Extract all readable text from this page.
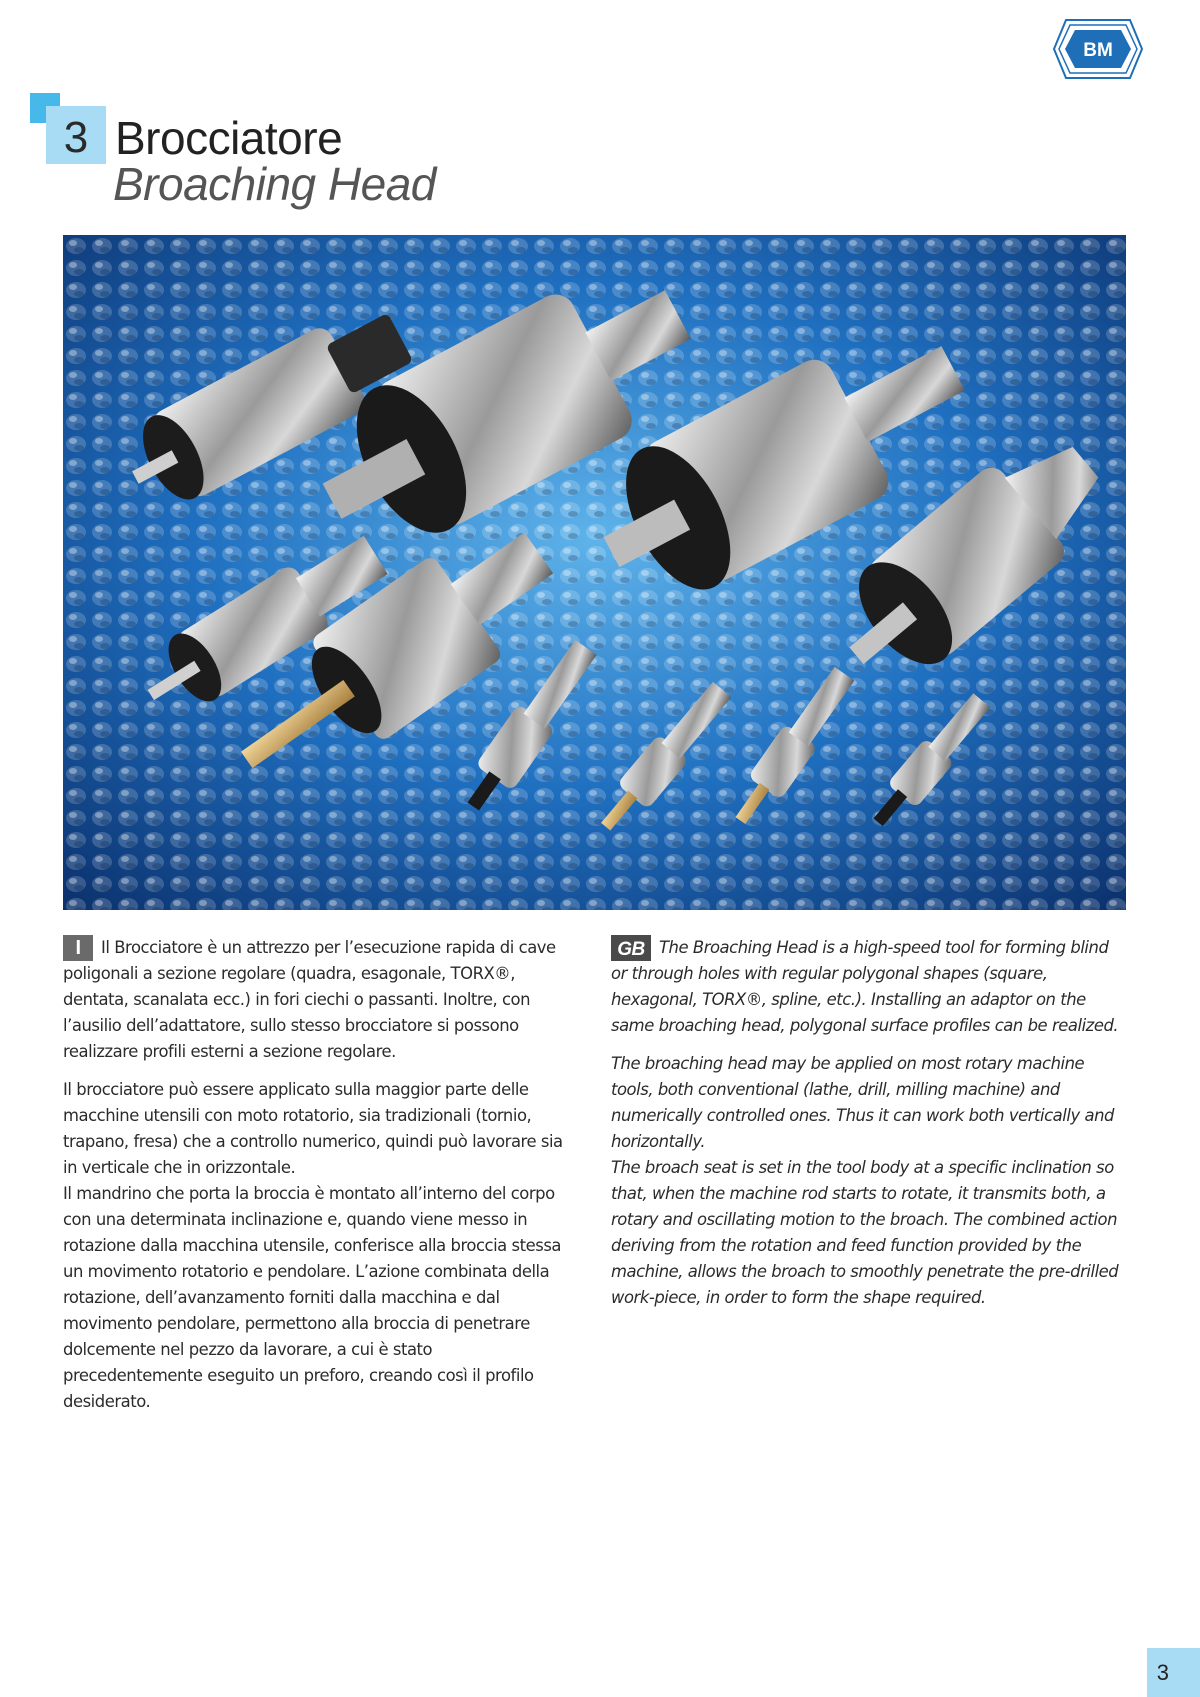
BM
3 Brocciatore
Broaching Head

I Il Brocciatore è un attrezzo per l’esecuzione rapida di cave poligonali a sezione regolare (quadra, esagonale, TORX®, dentata, scanalata ecc.) in fori ciechi o passanti. Inoltre, con l’ausilio dell’adattatore, sullo stesso brocciatore si possono realizzare profili esterni a sezione regolare.

Il brocciatore può essere applicato sulla maggior parte delle macchine utensili con moto rotatorio, sia tradizionali (tornio, trapano, fresa) che a controllo numerico, quindi può lavorare sia in verticale che in orizzontale.

Il mandrino che porta la broccia è montato all’interno del corpo con una determinata inclinazione e, quando viene messo in rotazione dalla macchina utensile, conferisce alla broccia stessa un movimento rotatorio e pendolare. L’azione combinata della rotazione, dell’avanzamento forniti dalla macchina e dal movimento pendolare, permettono alla broccia di penetrare dolcemente nel pezzo da lavorare, a cui è stato precedentemente eseguito un preforo, creando così il profilo desiderato.

GB The Broaching Head is a high-speed tool for forming blind or through holes with regular polygonal shapes (square, hexagonal, TORX®, spline, etc.). Installing an adaptor on the same broaching head, polygonal surface profiles can be realized.

The broaching head may be applied on most rotary machine tools, both conventional (lathe, drill, milling machine) and numerically controlled ones. Thus it can work both vertically and horizontally.

The broach seat is set in the tool body at a specific inclination so that, when the machine rod starts to rotate, it transmits both, a rotary and oscillating motion to the broach. The combined action deriving from the rotation and feed function provided by the machine, allows the broach to smoothly penetrate the pre-drilled work-piece, in order to form the shape required.

3
